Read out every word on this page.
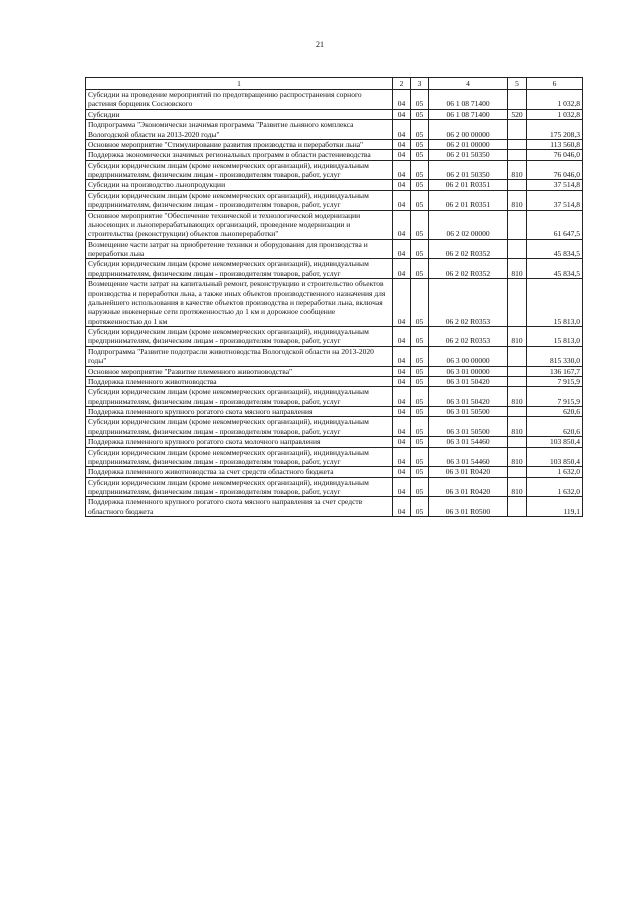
21
1	2	3	4	5	6
Субсидии на проведение мероприятий по предотвращению распространения сорного растения борщевик Сосновского	04	05	06 1 08 71400		1 032,8
Субсидии	04	05	06 1 08 71400	520	1 032,8
Подпрограмма "Экономически значимая программа "Развитие льняного комплекса Вологодской области на 2013-2020 годы"	04	05	06 2 00 00000		175 208,3
Основное мероприятие "Стимулирование развития производства и переработки льна"	04	05	06 2 01 00000		113 560,8
Поддержка экономически значимых региональных программ в области растениеводства	04	05	06 2 01 50350		76 046,0
Субсидии юридическим лицам (кроме некоммерческих организаций), индивидуальным предпринимателям, физическим лицам - производителям товаров, работ, услуг	04	05	06 2 01 50350	810	76 046,0
Субсидии на производство льнопродукции	04	05	06 2 01 R0351		37 514,8
Субсидии юридическим лицам (кроме некоммерческих организаций), индивидуальным предпринимателям, физическим лицам - производителям товаров, работ, услуг	04	05	06 2 01 R0351	810	37 514,8
Основное мероприятие "Обеспечение технической и технологической модернизации льносеющих и льноперерабатывающих организаций, проведение модернизации и строительства (реконструкции) объектов льнопереработки"	04	05	06 2 02 00000		61 647,5
Возмещение части затрат на приобретение техники и оборудования для производства и переработки льна	04	05	06 2 02 R0352		45 834,5
Субсидии юридическим лицам (кроме некоммерческих организаций), индивидуальным предпринимателям, физическим лицам - производителям товаров, работ, услуг	04	05	06 2 02 R0352	810	45 834,5
Возмещение части затрат на капитальный ремонт, реконструкцию и строительство объектов производства и переработки льна, а также иных объектов производственного назначения для дальнейшего использования в качестве объектов производства и переработки льна, включая наружные инженерные сети протяженностью до 1 км и дорожное сообщение протяженностью до 1 км	04	05	06 2 02 R0353		15 813,0
Субсидии юридическим лицам (кроме некоммерческих организаций), индивидуальным предпринимателям, физическим лицам - производителям товаров, работ, услуг	04	05	06 2 02 R0353	810	15 813,0
Подпрограмма "Развитие подотрасли животноводства Вологодской области на 2013-2020 годы"	04	05	06 3 00 00000		815 330,0
Основное мероприятие "Развитие племенного животноводства"	04	05	06 3 01 00000		136 167,7
Поддержка племенного животноводства	04	05	06 3 01 50420		7 915,9
Субсидии юридическим лицам (кроме некоммерческих организаций), индивидуальным предпринимателям, физическим лицам - производителям товаров, работ, услуг	04	05	06 3 01 50420	810	7 915,9
Поддержка племенного крупного рогатого скота мясного направления	04	05	06 3 01 50500		620,6
Субсидии юридическим лицам (кроме некоммерческих организаций), индивидуальным предпринимателям, физическим лицам - производителям товаров, работ, услуг	04	05	06 3 01 50500	810	620,6
Поддержка племенного крупного рогатого скота молочного направления	04	05	06 3 01 54460		103 850,4
Субсидии юридическим лицам (кроме некоммерческих организаций), индивидуальным предпринимателям, физическим лицам - производителям товаров, работ, услуг	04	05	06 3 01 54460	810	103 850,4
Поддержка племенного животноводства за счет средств областного бюджета	04	05	06 3 01 R0420		1 632,0
Субсидии юридическим лицам (кроме некоммерческих организаций), индивидуальным предпринимателям, физическим лицам - производителям товаров, работ, услуг	04	05	06 3 01 R0420	810	1 632,0
Поддержка племенного крупного рогатого скота мясного направления за счет средств областного бюджета	04	05	06 3 01 R0500		119,1
